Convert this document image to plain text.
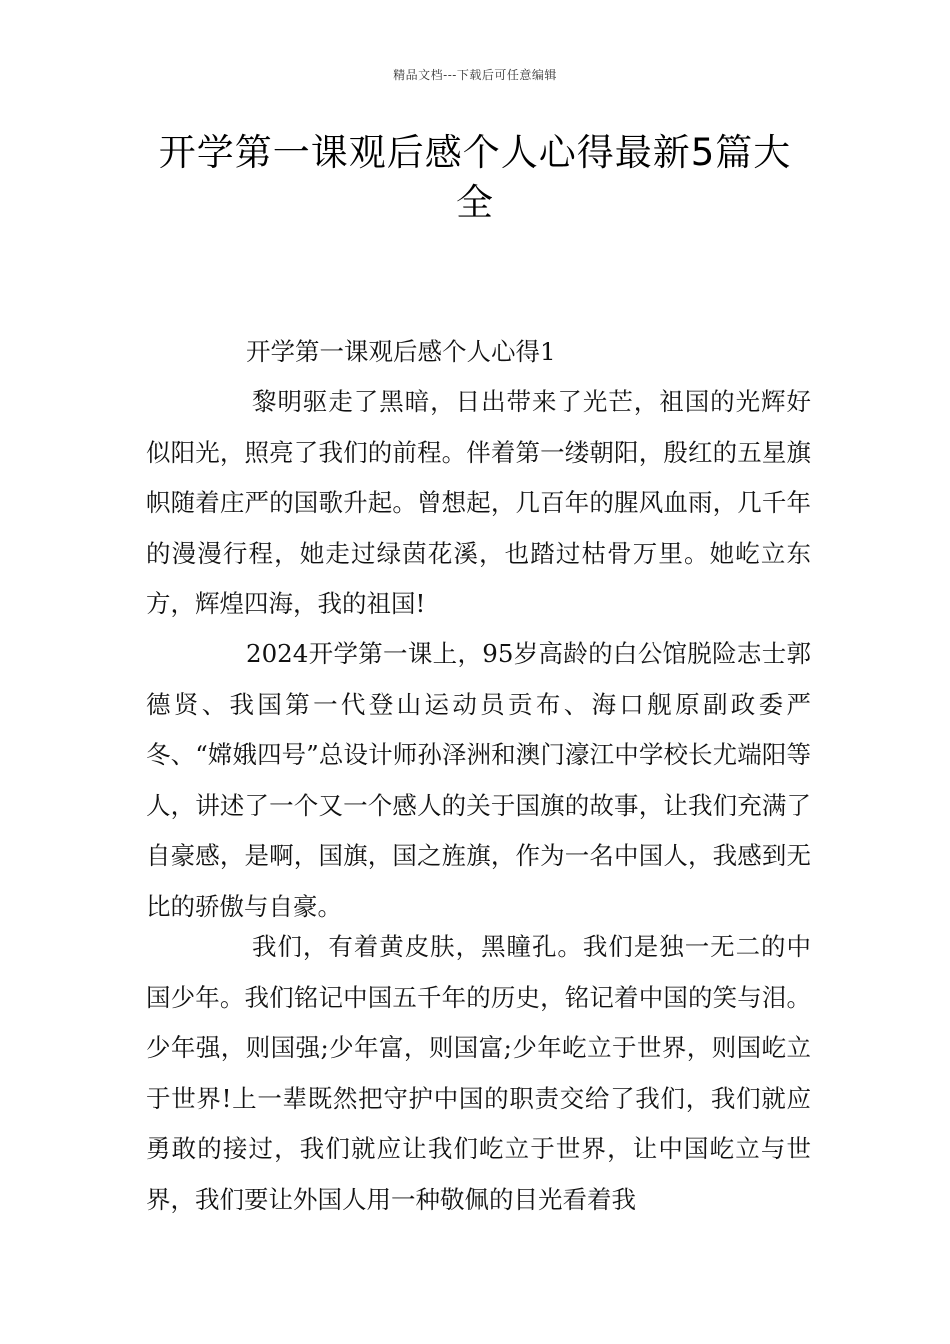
精品文档---下载后可任意编辑
开学第一课观后感个人心得最新5篇大全

开学第一课观后感个人心得1

黎明驱走了黑暗，日出带来了光芒，祖国的光辉好似阳光，照亮了我们的前程。伴着第一缕朝阳，殷红的五星旗帜随着庄严的国歌升起。曾想起，几百年的腥风血雨，几千年的漫漫行程，她走过绿茵花溪，也踏过枯骨万里。她屹立东方，辉煌四海，我的祖国!

2024开学第一课上，95岁高龄的白公馆脱险志士郭德贤、我国第一代登山运动员贡布、海口舰原副政委严冬、“嫦娥四号”总设计师孙泽洲和澳门濠江中学校长尤端阳等人，讲述了一个又一个感人的关于国旗的故事，让我们充满了自豪感，是啊，国旗，国之旌旗，作为一名中国人，我感到无比的骄傲与自豪。

我们，有着黄皮肤，黑瞳孔。我们是独一无二的中国少年。我们铭记中国五千年的历史，铭记着中国的笑与泪。少年强，则国强;少年富，则国富;少年屹立于世界，则国屹立于世界!上一辈既然把守护中国的职责交给了我们，我们就应勇敢的接过，我们就应让我们屹立于世界，让中国屹立与世界，我们要让外国人用一种敬佩的目光看着我
